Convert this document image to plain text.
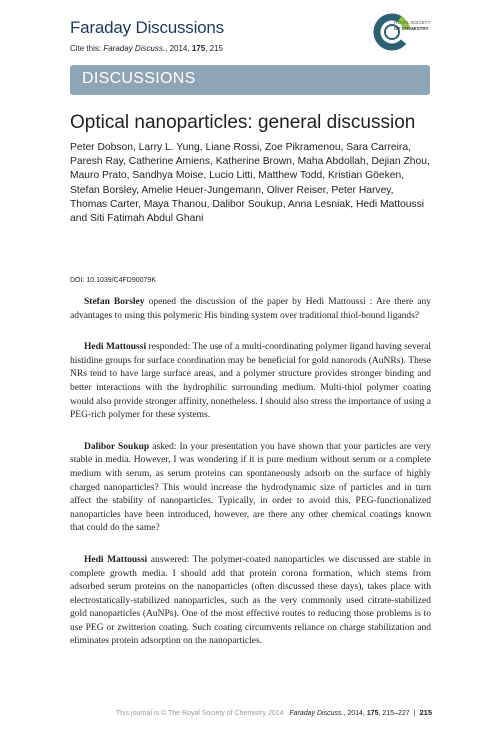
Faraday Discussions
Cite this: Faraday Discuss., 2014, 175, 215
ROYAL SOCIETY
OF CHEMISTRY
DISCUSSIONS
Optical nanoparticles: general discussion
Peter Dobson, Larry L. Yung, Liane Rossi, Zoe Pikramenou, Sara Carreira, Paresh Ray, Catherine Amiens, Katherine Brown, Maha Abdollah, Dejian Zhou, Mauro Prato, Sandhya Moise, Lucio Litti, Matthew Todd, Kristian Göeken, Stefan Borsley, Amelie Heuer-Jungemann, Oliver Reiser, Peter Harvey, Thomas Carter, Maya Thanou, Dalibor Soukup, Anna Lesniak, Hedi Mattoussi and Siti Fatimah Abdul Ghani
DOI: 10.1039/C4FD90079K

Stefan Borsley opened the discussion of the paper by Hedi Mattoussi : Are there any advantages to using this polymeric His binding system over traditional thiol-bound ligands?

Hedi Mattoussi responded: The use of a multi-coordinating polymer ligand having several histidine groups for surface coordination may be beneficial for gold nanorods (AuNRs). These NRs tend to have large surface areas, and a polymer structure provides stronger binding and better interactions with the hydrophilic surrounding medium. Multi-thiol polymer coating would also provide stronger affinity, nonetheless. I should also stress the importance of using a PEG-rich polymer for these systems.

Dalibor Soukup asked: In your presentation you have shown that your particles are very stable in media. However, I was wondering if it is pure medium without serum or a complete medium with serum, as serum proteins can spontaneously adsorb on the surface of highly charged nanoparticles? This would increase the hydrodynamic size of particles and in turn affect the stability of nanoparticles. Typically, in order to avoid this, PEG-functionalized nanoparticles have been introduced, however, are there any other chemical coatings known that could do the same?

Hedi Mattoussi answered: The polymer-coated nanoparticles we discussed are stable in complete growth media. I should add that protein corona formation, which stems from adsorbed serum proteins on the nanoparticles (often discussed these days), takes place with electrostatically-stabilized nanoparticles, such as the very commonly used citrate-stabilized gold nanoparticles (AuNPs). One of the most effective routes to reducing those problems is to use PEG or zwitterion coating. Such coating circumvents reliance on charge stabilization and eliminates protein adsorption on the nanoparticles.

This journal is © The Royal Society of Chemistry 2014 Faraday Discuss., 2014, 175, 215–227 | 215
